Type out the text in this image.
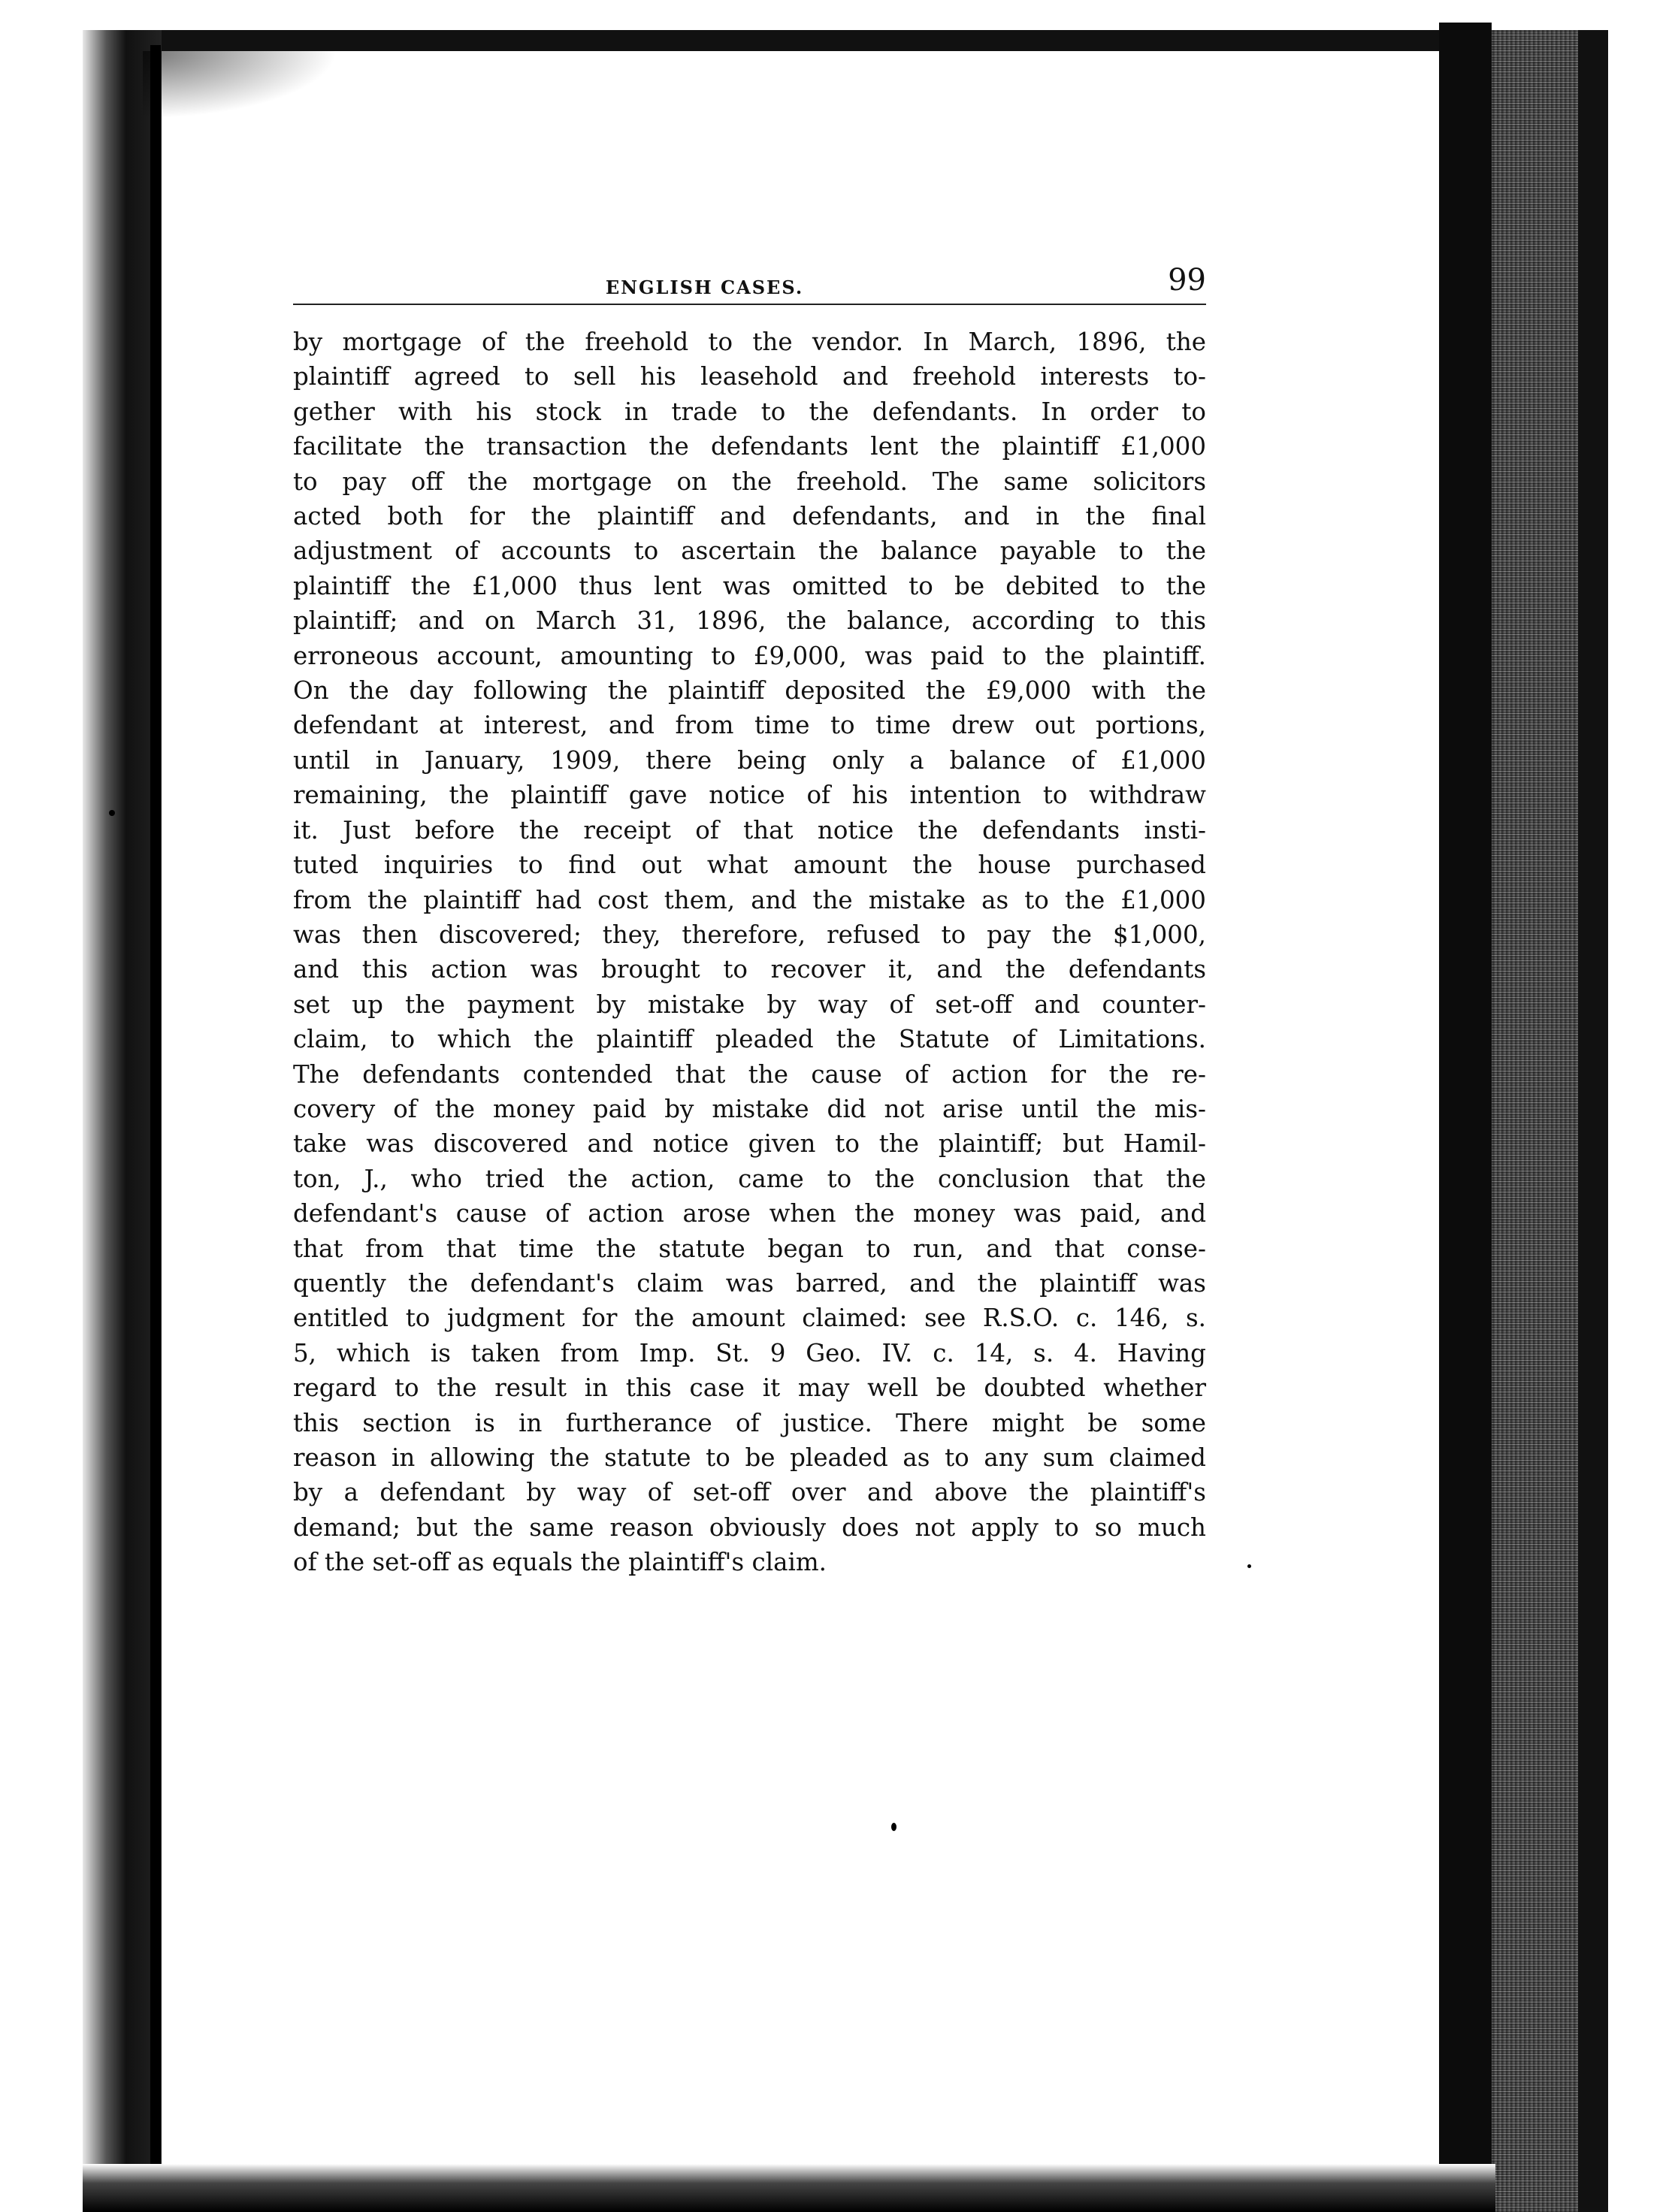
ENGLISH CASES.	99
by mortgage of the freehold to the vendor. In March, 1896, the
plaintiff agreed to sell his leasehold and freehold interests to-
gether with his stock in trade to the defendants. In order to
facilitate the transaction the defendants lent the plaintiff £1,000
to pay off the mortgage on the freehold. The same solicitors
acted both for the plaintiff and defendants, and in the final
adjustment of accounts to ascertain the balance payable to the
plaintiff the £1,000 thus lent was omitted to be debited to the
plaintiff; and on March 31, 1896, the balance, according to this
erroneous account, amounting to £9,000, was paid to the plaintiff.
On the day following the plaintiff deposited the £9,000 with the
defendant at interest, and from time to time drew out portions,
until in January, 1909, there being only a balance of £1,000
remaining, the plaintiff gave notice of his intention to withdraw
it. Just before the receipt of that notice the defendants insti-
tuted inquiries to find out what amount the house purchased
from the plaintiff had cost them, and the mistake as to the £1,000
was then discovered; they, therefore, refused to pay the $1,000,
and this action was brought to recover it, and the defendants
set up the payment by mistake by way of set-off and counter-
claim, to which the plaintiff pleaded the Statute of Limitations.
The defendants contended that the cause of action for the re-
covery of the money paid by mistake did not arise until the mis-
take was discovered and notice given to the plaintiff; but Hamil-
ton, J., who tried the action, came to the conclusion that the
defendant's cause of action arose when the money was paid, and
that from that time the statute began to run, and that conse-
quently the defendant's claim was barred, and the plaintiff was
entitled to judgment for the amount claimed: see R.S.O. c. 146, s.
5, which is taken from Imp. St. 9 Geo. IV. c. 14, s. 4. Having
regard to the result in this case it may well be doubted whether
this section is in furtherance of justice. There might be some
reason in allowing the statute to be pleaded as to any sum claimed
by a defendant by way of set-off over and above the plaintiff's
demand; but the same reason obviously does not apply to so much
of the set-off as equals the plaintiff's claim.
